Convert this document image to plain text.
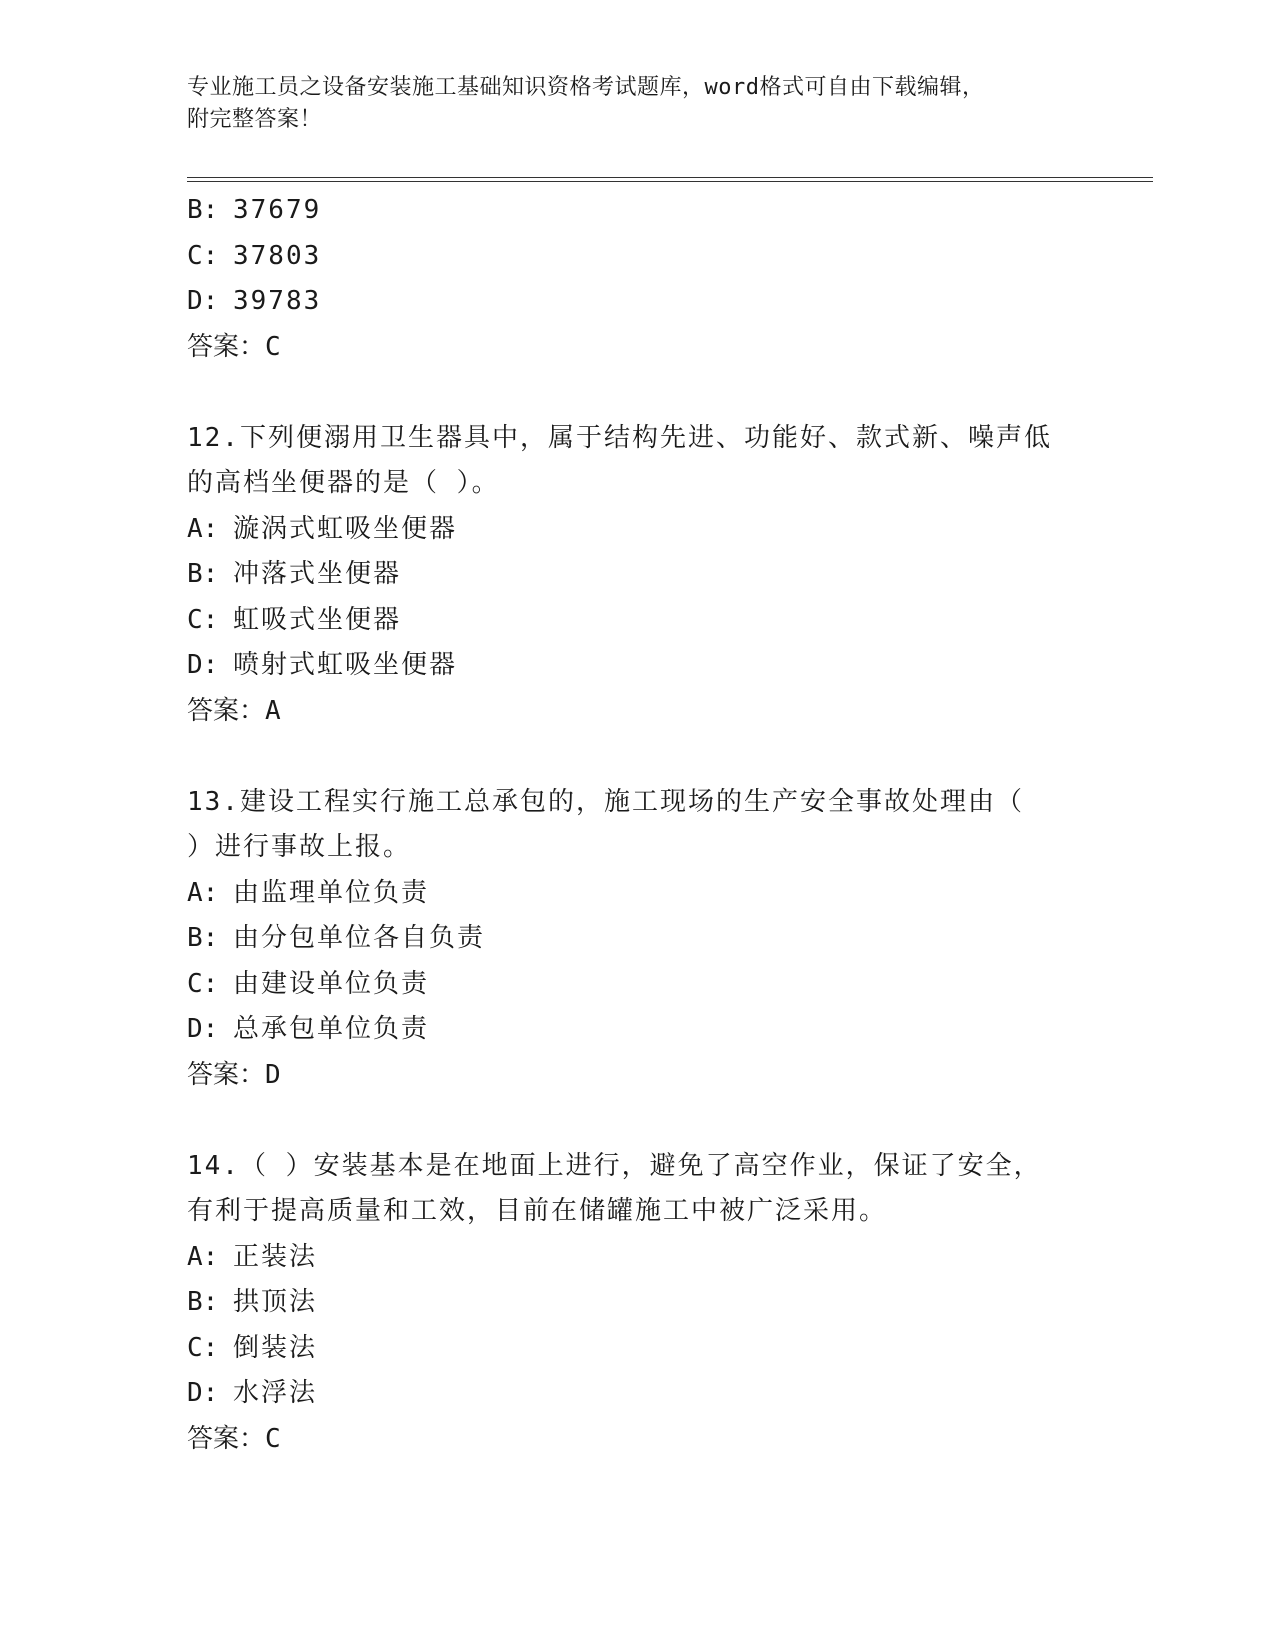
专业施工员之设备安装施工基础知识资格考试题库，word格式可自由下载编辑，
附完整答案！
B: 37679
C: 37803
D: 39783
答案：C
12.下列便溺用卫生器具中，属于结构先进、功能好、款式新、噪声低
的高档坐便器的是（ ）。
A: 漩涡式虹吸坐便器
B: 冲落式坐便器
C: 虹吸式坐便器
D: 喷射式虹吸坐便器
答案：A
13.建设工程实行施工总承包的，施工现场的生产安全事故处理由（
）进行事故上报。
A: 由监理单位负责
B: 由分包单位各自负责
C: 由建设单位负责
D: 总承包单位负责
答案：D
14.（ ）安装基本是在地面上进行，避免了高空作业，保证了安全，
有利于提高质量和工效，目前在储罐施工中被广泛采用。
A: 正装法
B: 拱顶法
C: 倒装法
D: 水浮法
答案：C
